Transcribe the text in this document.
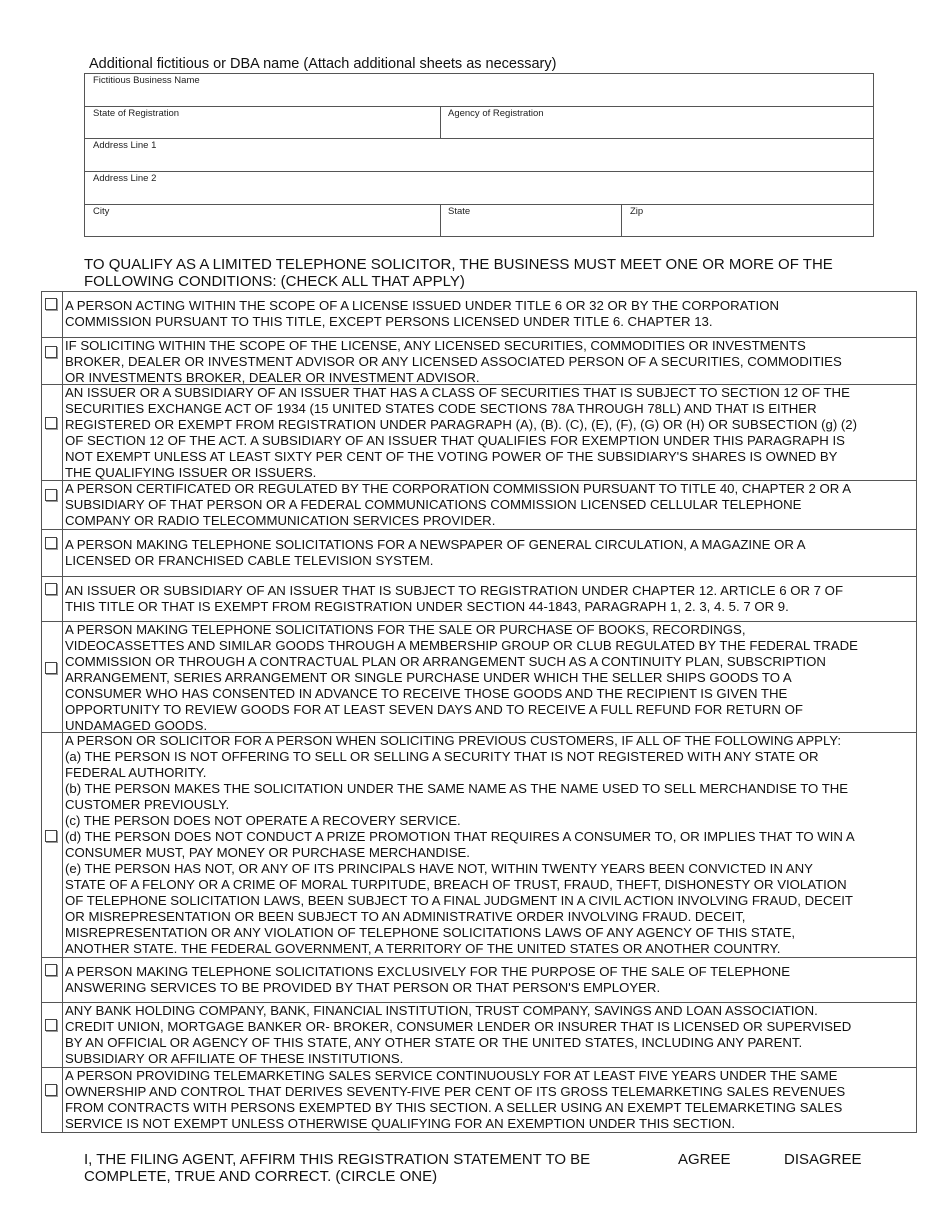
Additional fictitious or DBA name (Attach additional sheets as necessary)
Fictitious Business Name
State of Registration	Agency of Registration
Address Line 1
Address Line 2
City	State	Zip
TO QUALIFY AS A LIMITED TELEPHONE SOLICITOR, THE BUSINESS MUST MEET ONE OR MORE OF THE FOLLOWING CONDITIONS: (CHECK ALL THAT APPLY)
A PERSON ACTING WITHIN THE SCOPE OF A LICENSE ISSUED UNDER TITLE 6 OR 32 OR BY THE CORPORATION
COMMISSION PURSUANT TO THIS TITLE, EXCEPT PERSONS LICENSED UNDER TITLE 6. CHAPTER 13.
IF SOLICITING WITHIN THE SCOPE OF THE LICENSE, ANY LICENSED SECURITIES, COMMODITIES OR INVESTMENTS
BROKER, DEALER OR INVESTMENT ADVISOR OR ANY LICENSED ASSOCIATED PERSON OF A SECURITIES, COMMODITIES
OR INVESTMENTS BROKER, DEALER OR INVESTMENT ADVISOR.
AN ISSUER OR A SUBSIDIARY OF AN ISSUER THAT HAS A CLASS OF SECURITIES THAT IS SUBJECT TO SECTION 12 OF THE
SECURITIES EXCHANGE ACT OF 1934 (15 UNITED STATES CODE SECTIONS 78A THROUGH 78LL) AND THAT IS EITHER
REGISTERED OR EXEMPT FROM REGISTRATION UNDER PARAGRAPH (A), (B). (C), (E), (F), (G) OR (H) OR SUBSECTION (g) (2)
OF SECTION 12 OF THE ACT. A SUBSIDIARY OF AN ISSUER THAT QUALIFIES FOR EXEMPTION UNDER THIS PARAGRAPH IS
NOT EXEMPT UNLESS AT LEAST SIXTY PER CENT OF THE VOTING POWER OF THE SUBSIDIARY'S SHARES IS OWNED BY
THE QUALIFYING ISSUER OR ISSUERS.
A PERSON CERTIFICATED OR REGULATED BY THE CORPORATION COMMISSION PURSUANT TO TITLE 40, CHAPTER 2 OR A
SUBSIDIARY OF THAT PERSON OR A FEDERAL COMMUNICATIONS COMMISSION LICENSED CELLULAR TELEPHONE
COMPANY OR RADIO TELECOMMUNICATION SERVICES PROVIDER.
A PERSON MAKING TELEPHONE SOLICITATIONS FOR A NEWSPAPER OF GENERAL CIRCULATION, A MAGAZINE OR A
LICENSED OR FRANCHISED CABLE TELEVISION SYSTEM.
AN ISSUER OR SUBSIDIARY OF AN ISSUER THAT IS SUBJECT TO REGISTRATION UNDER CHAPTER 12. ARTICLE 6 OR 7 OF
THIS TITLE OR THAT IS EXEMPT FROM REGISTRATION UNDER SECTION 44-1843, PARAGRAPH 1, 2. 3, 4. 5. 7 OR 9.
A PERSON MAKING TELEPHONE SOLICITATIONS FOR THE SALE OR PURCHASE OF BOOKS, RECORDINGS,
VIDEOCASSETTES AND SIMILAR GOODS THROUGH A MEMBERSHIP GROUP OR CLUB REGULATED BY THE FEDERAL TRADE
COMMISSION OR THROUGH A CONTRACTUAL PLAN OR ARRANGEMENT SUCH AS A CONTINUITY PLAN, SUBSCRIPTION
ARRANGEMENT, SERIES ARRANGEMENT OR SINGLE PURCHASE UNDER WHICH THE SELLER SHIPS GOODS TO A
CONSUMER WHO HAS CONSENTED IN ADVANCE TO RECEIVE THOSE GOODS AND THE RECIPIENT IS GIVEN THE
OPPORTUNITY TO REVIEW GOODS FOR AT LEAST SEVEN DAYS AND TO RECEIVE A FULL REFUND FOR RETURN OF
UNDAMAGED GOODS.
A PERSON OR SOLICITOR FOR A PERSON WHEN SOLICITING PREVIOUS CUSTOMERS, IF ALL OF THE FOLLOWING APPLY:
(a) THE PERSON IS NOT OFFERING TO SELL OR SELLING A SECURITY THAT IS NOT REGISTERED WITH ANY STATE OR
FEDERAL AUTHORITY.
(b) THE PERSON MAKES THE SOLICITATION UNDER THE SAME NAME AS THE NAME USED TO SELL MERCHANDISE TO THE
CUSTOMER PREVIOUSLY.
(c) THE PERSON DOES NOT OPERATE A RECOVERY SERVICE.
(d) THE PERSON DOES NOT CONDUCT A PRIZE PROMOTION THAT REQUIRES A CONSUMER TO, OR IMPLIES THAT TO WIN A
CONSUMER MUST, PAY MONEY OR PURCHASE MERCHANDISE.
(e) THE PERSON HAS NOT, OR ANY OF ITS PRINCIPALS HAVE NOT, WITHIN TWENTY YEARS BEEN CONVICTED IN ANY
STATE OF A FELONY OR A CRIME OF MORAL TURPITUDE, BREACH OF TRUST, FRAUD, THEFT, DISHONESTY OR VIOLATION
OF TELEPHONE SOLICITATION LAWS, BEEN SUBJECT TO A FINAL JUDGMENT IN A CIVIL ACTION INVOLVING FRAUD, DECEIT
OR MISREPRESENTATION OR BEEN SUBJECT TO AN ADMINISTRATIVE ORDER INVOLVING FRAUD. DECEIT,
MISREPRESENTATION OR ANY VIOLATION OF TELEPHONE SOLICITATIONS LAWS OF ANY AGENCY OF THIS STATE,
ANOTHER STATE. THE FEDERAL GOVERNMENT, A TERRITORY OF THE UNITED STATES OR ANOTHER COUNTRY.
A PERSON MAKING TELEPHONE SOLICITATIONS EXCLUSIVELY FOR THE PURPOSE OF THE SALE OF TELEPHONE
ANSWERING SERVICES TO BE PROVIDED BY THAT PERSON OR THAT PERSON'S EMPLOYER.
ANY BANK HOLDING COMPANY, BANK, FINANCIAL INSTITUTION, TRUST COMPANY, SAVINGS AND LOAN ASSOCIATION.
CREDIT UNION, MORTGAGE BANKER OR- BROKER, CONSUMER LENDER OR INSURER THAT IS LICENSED OR SUPERVISED
BY AN OFFICIAL OR AGENCY OF THIS STATE, ANY OTHER STATE OR THE UNITED STATES, INCLUDING ANY PARENT.
SUBSIDIARY OR AFFILIATE OF THESE INSTITUTIONS.
A PERSON PROVIDING TELEMARKETING SALES SERVICE CONTINUOUSLY FOR AT LEAST FIVE YEARS UNDER THE SAME
OWNERSHIP AND CONTROL THAT DERIVES SEVENTY-FIVE PER CENT OF ITS GROSS TELEMARKETING SALES REVENUES
FROM CONTRACTS WITH PERSONS EXEMPTED BY THIS SECTION. A SELLER USING AN EXEMPT TELEMARKETING SALES
SERVICE IS NOT EXEMPT UNLESS OTHERWISE QUALIFYING FOR AN EXEMPTION UNDER THIS SECTION.
I, THE FILING AGENT, AFFIRM THIS REGISTRATION STATEMENT TO BE COMPLETE, TRUE AND CORRECT. (CIRCLE ONE)
AGREE	DISAGREE
